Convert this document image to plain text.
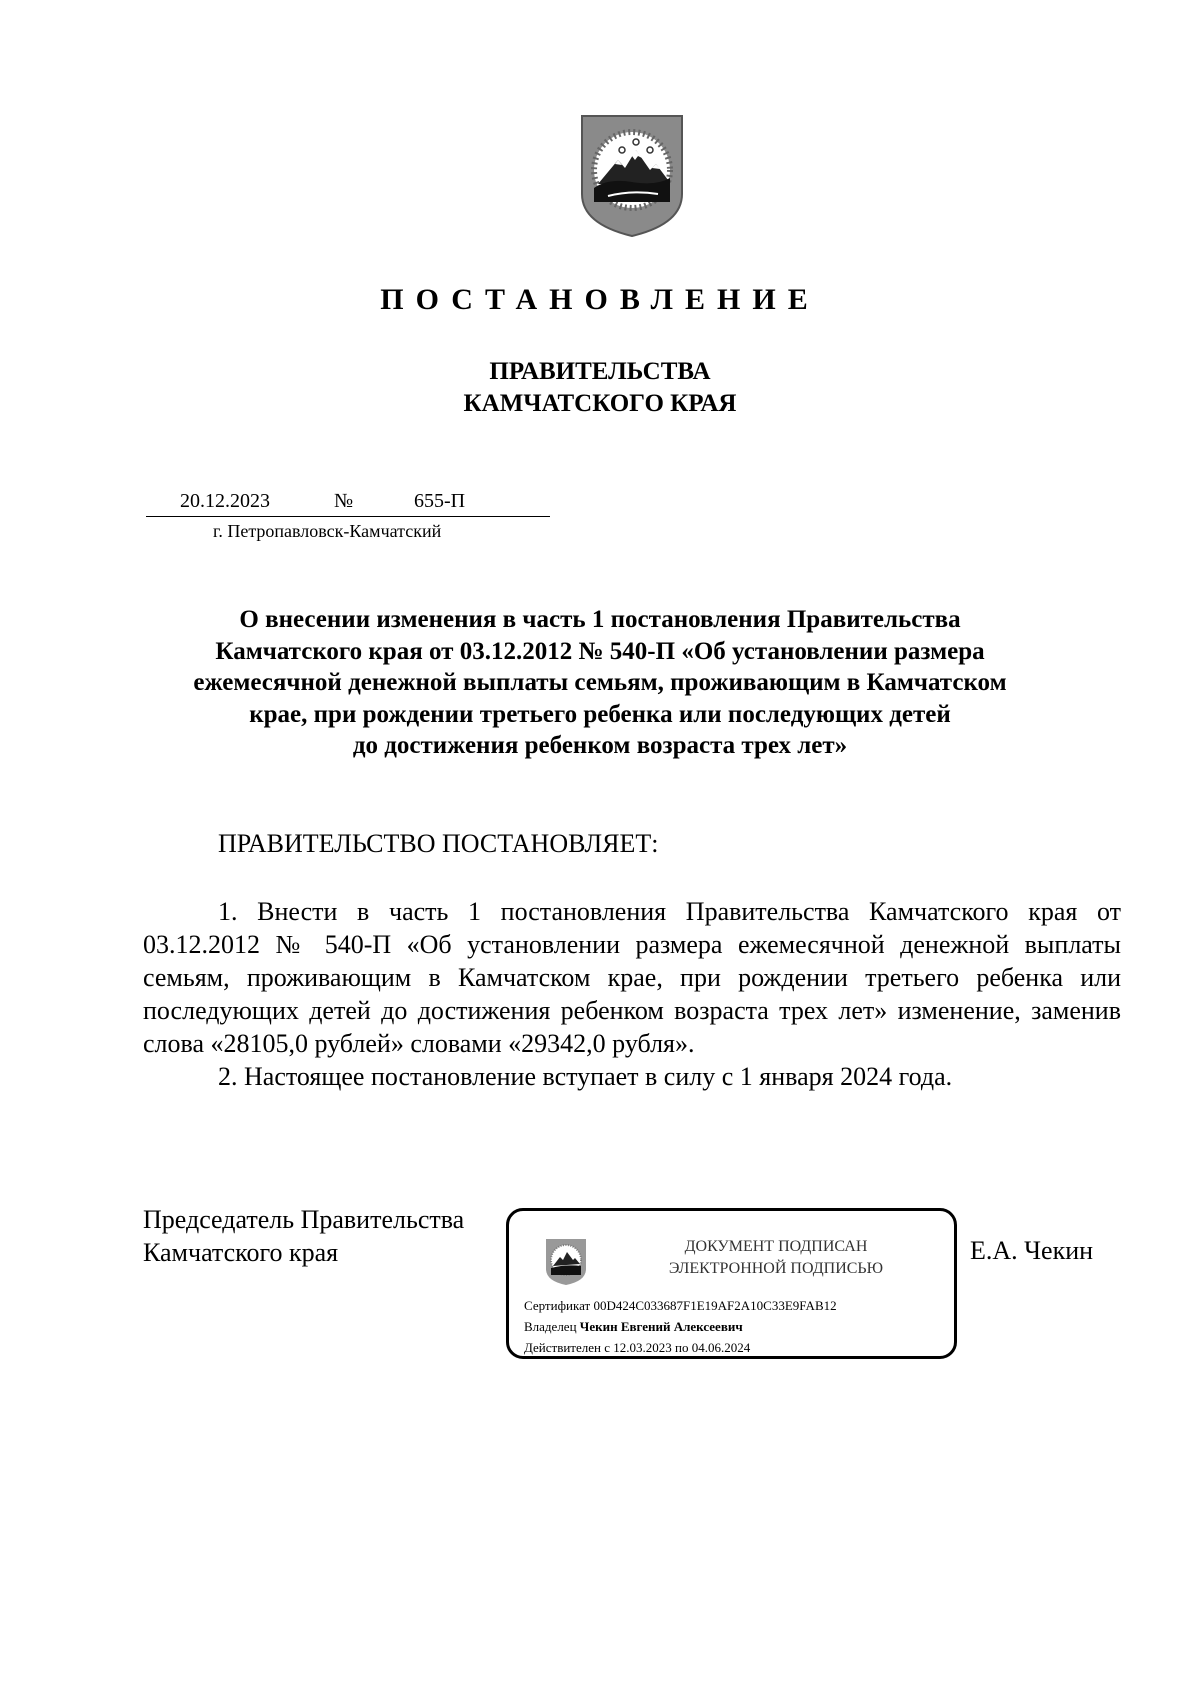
ПОСТАНОВЛЕНИЕ
ПРАВИТЕЛЬСТВА
КАМЧАТСКОГО КРАЯ
20.12.2023	№	655-П
г. Петропавловск-Камчатский
О внесении изменения в часть 1 постановления Правительства
Камчатского края от 03.12.2012 № 540-П «Об установлении размера
ежемесячной денежной выплаты семьям, проживающим в Камчатском
крае, при рождении третьего ребенка или последующих детей
до достижения ребенком возраста трех лет»
ПРАВИТЕЛЬСТВО ПОСТАНОВЛЯЕТ:

1. Внести в часть 1 постановления Правительства Камчатского края от 03.12.2012 № 540-П «Об установлении размера ежемесячной денежной выплаты семьям, проживающим в Камчатском крае, при рождении третьего ребенка или последующих детей до достижения ребенком возраста трех лет» изменение, заменив слова «28105,0 рублей» словами «29342,0 рубля».

2. Настоящее постановление вступает в силу с 1 января 2024 года.

Председатель Правительства
Камчатского края	ДОКУМЕНТ ПОДПИСАН
ЭЛЕКТРОННОЙ ПОДПИСЬЮ
Сертификат 00D424C033687F1E19AF2A10C33E9FAB12
Владелец Чекин Евгений Алексеевич
Действителен с 12.03.2023 по 04.06.2024
Е.А. Чекин
